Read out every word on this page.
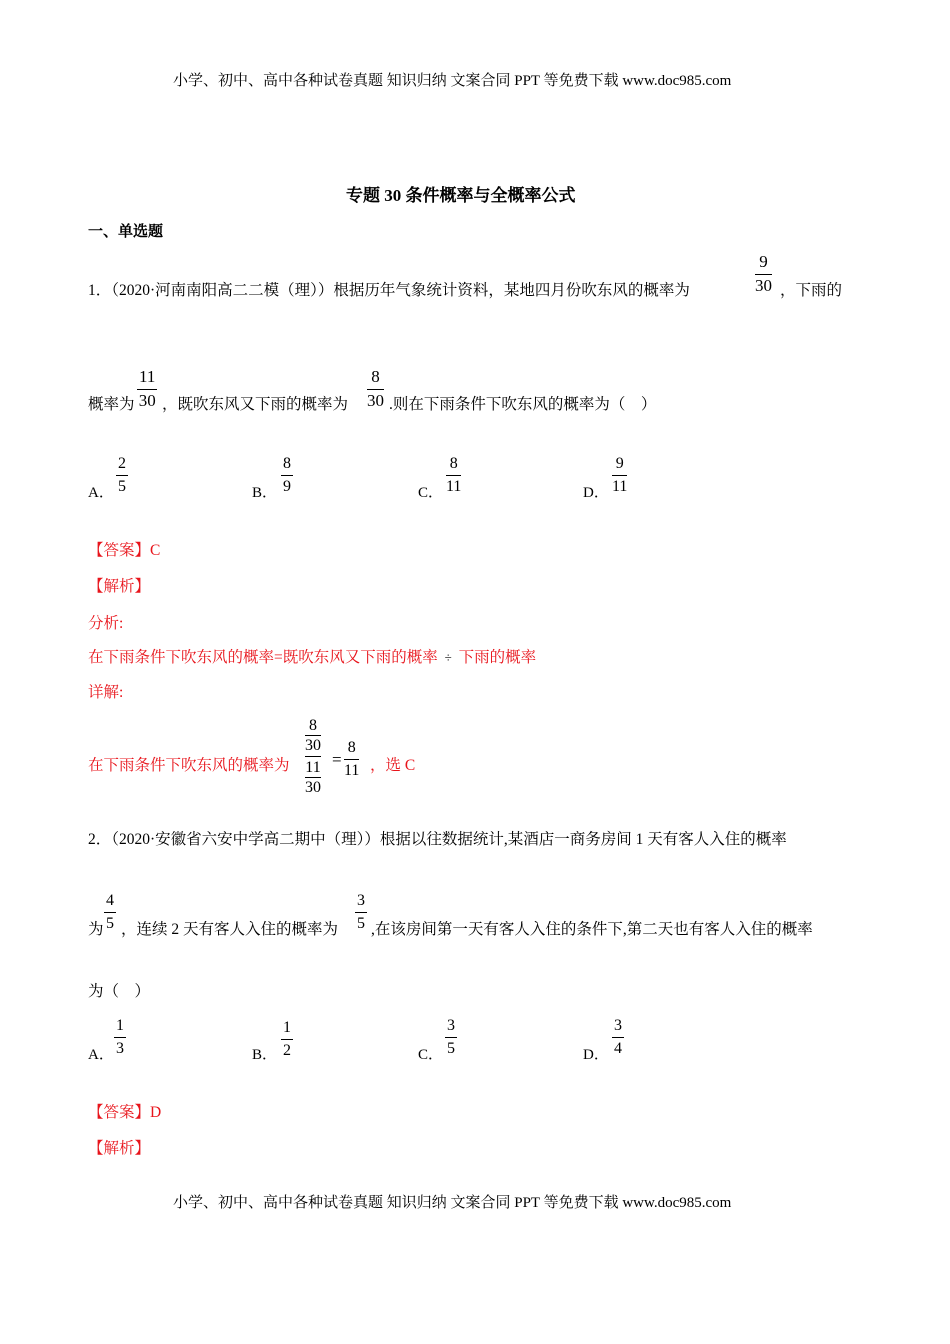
小学、初中、高中各种试卷真题 知识归纳 文案合同 PPT 等免费下载 www.doc985.com
专题 30 条件概率与全概率公式
一、单选题
1．（2020·河南南阳高二二模（理））根据历年气象统计资料，某地四月份吹东风的概率为
9
30 ，下雨的
概率为
11
30 ，既吹东风又下雨的概率为
8
30 .则在下雨条件下吹东风的概率为（　）
A．
2
5	B．
8
9	C．
8
11	D．
9
11
【答案】C
【解析】
分析:
在下雨条件下吹东风的概率=既吹东风又下雨的概率 ÷ 下雨的概率
详解:
在下雨条件下吹东风的概率为
8
30
11
30
=
8
11 ，选 C
2．（2020·安徽省六安中学高二期中（理））根据以往数据统计,某酒店一商务房间 1 天有客人入住的概率
为
4
5 ，连续 2 天有客人入住的概率为
3
5 ,在该房间第一天有客人入住的条件下,第二天也有客人入住的概率
为（　）
A．
1
3	B．
1
2	C．
3
5	D．
3
4
【答案】D
【解析】
小学、初中、高中各种试卷真题 知识归纳 文案合同 PPT 等免费下载 www.doc985.com
